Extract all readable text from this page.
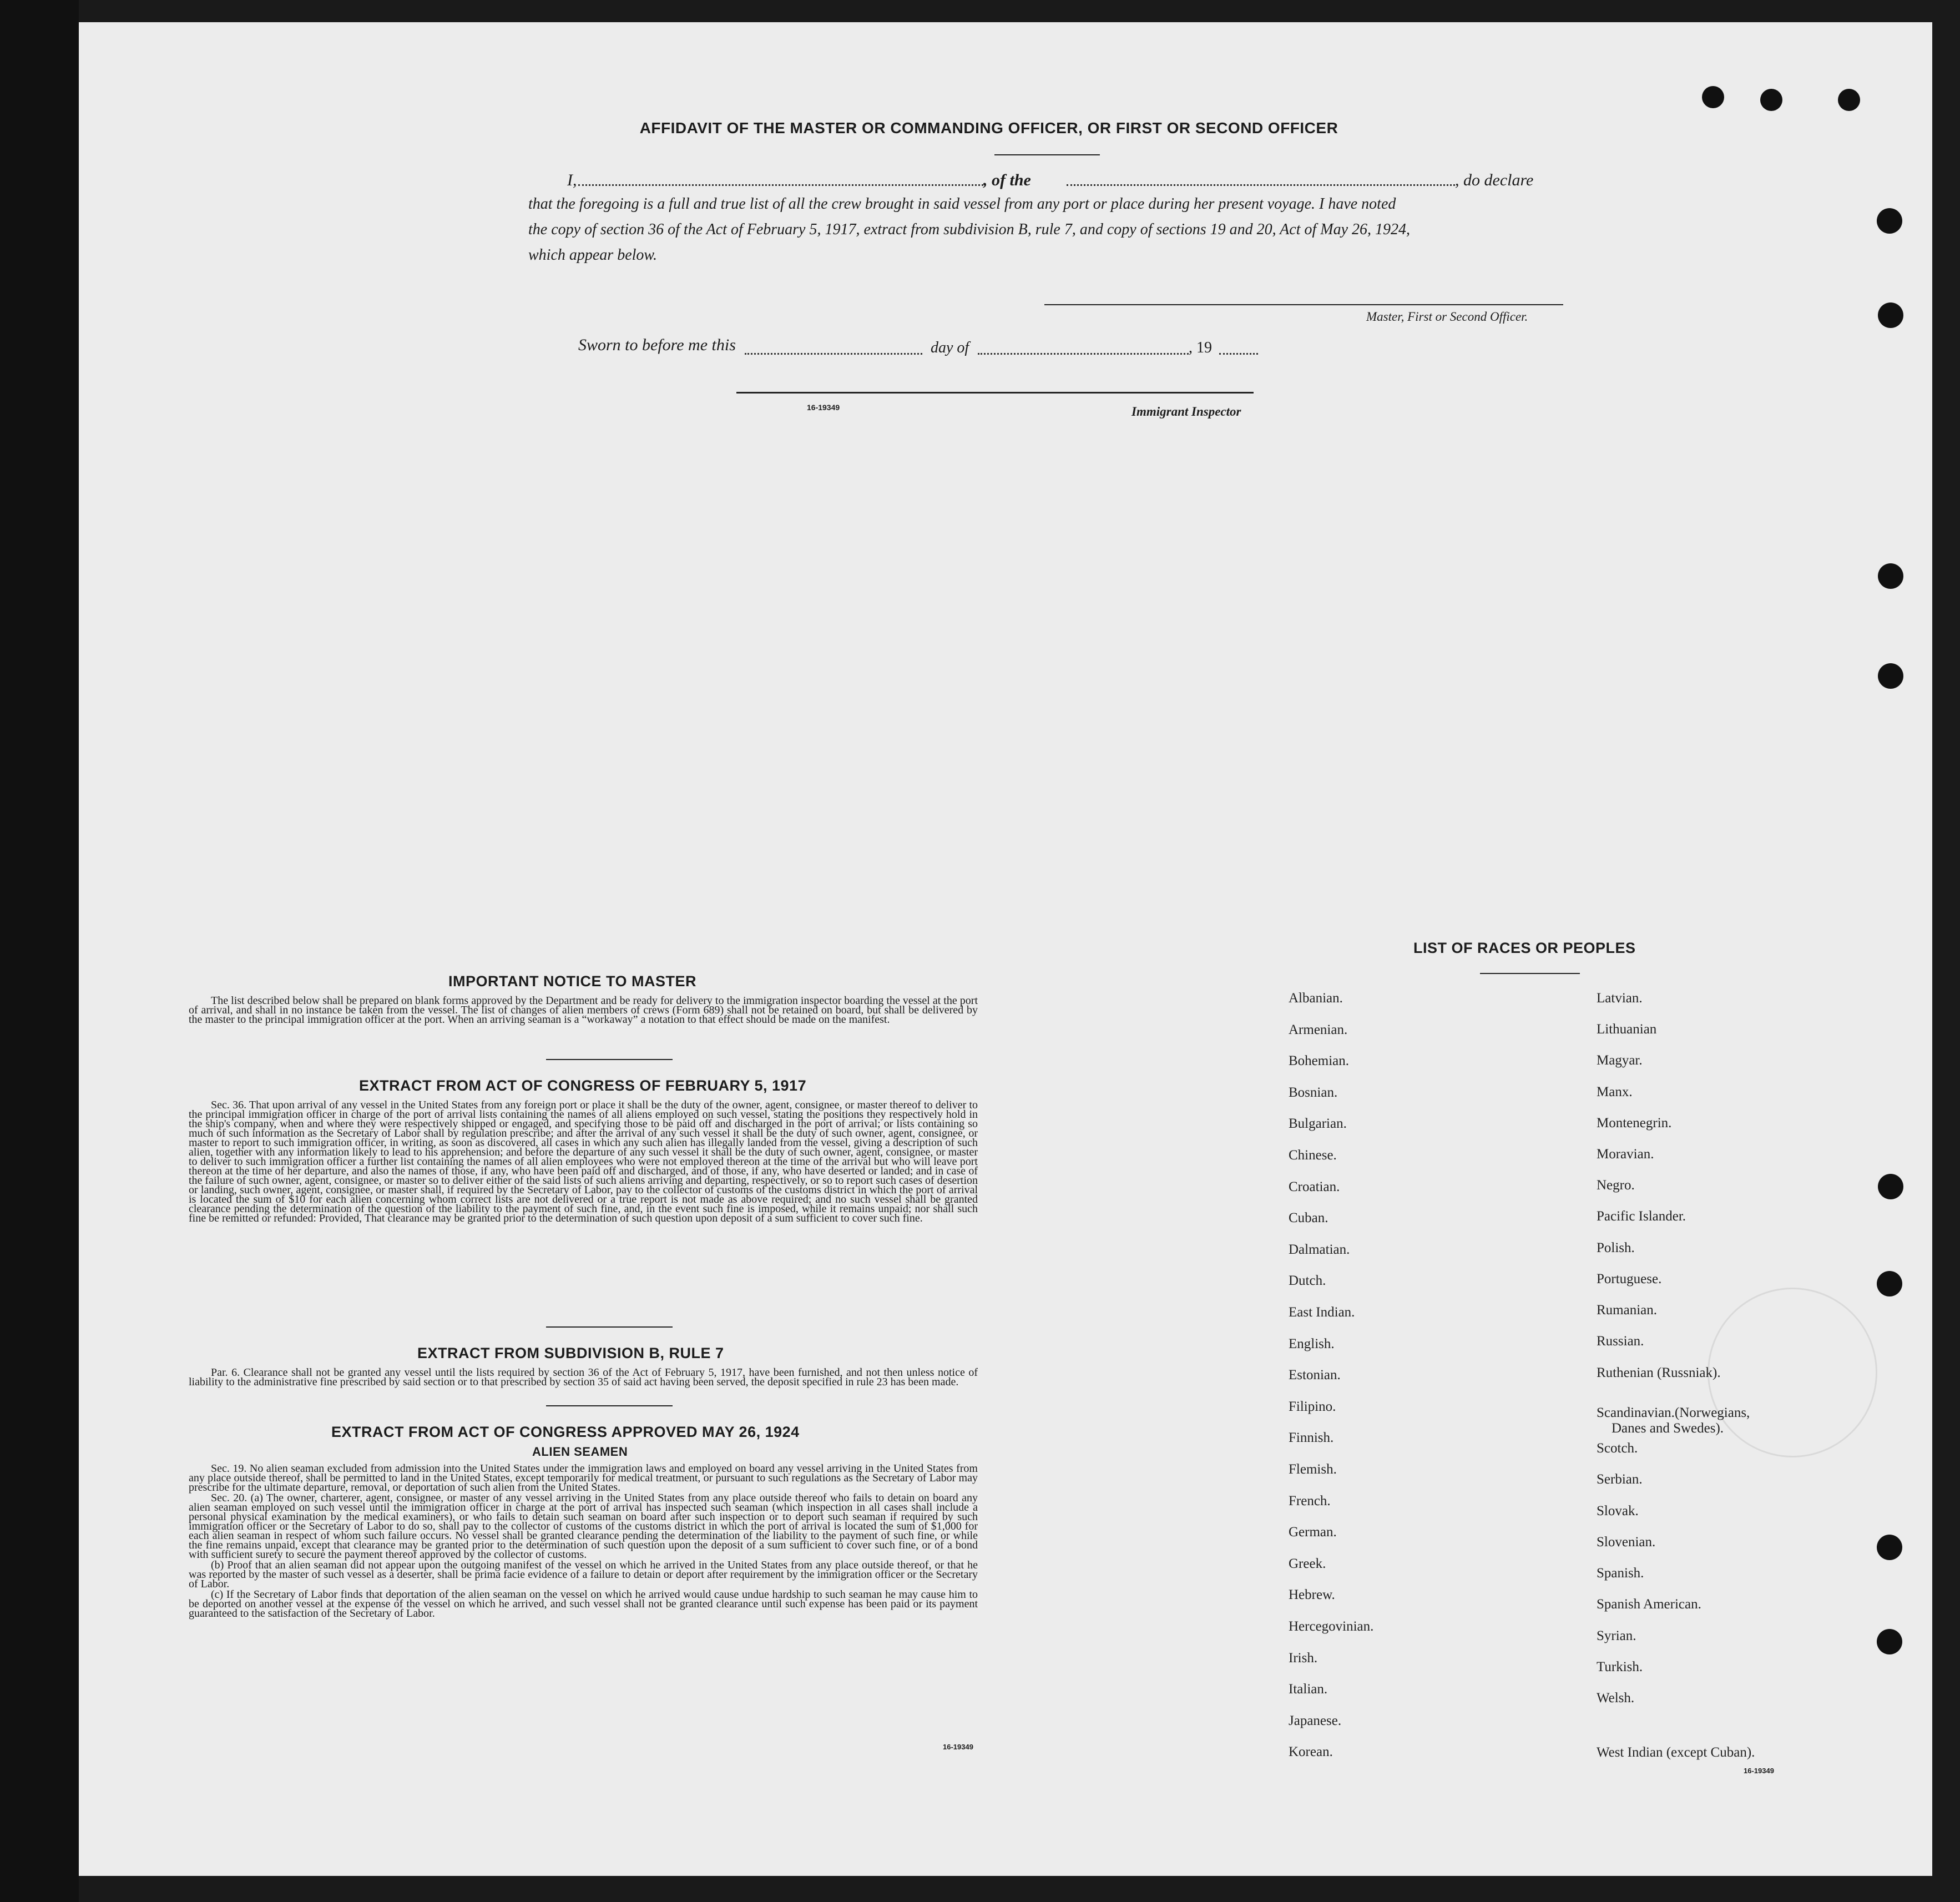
AFFIDAVIT OF THE MASTER OR COMMANDING OFFICER, OR FIRST OR SECOND OFFICER
I,	, of the	, do declare
that the foregoing is a full and true list of all the crew brought in said vessel from any port or place during her present voyage. I have noted
the copy of section 36 of the Act of February 5, 1917, extract from subdivision B, rule 7, and copy of sections 19 and 20, Act of May 26, 1924,
which appear below.
Master, First or Second Officer.
Sworn to before me this	day of	, 19
16-19349	Immigrant Inspector
IMPORTANT NOTICE TO MASTER

The list described below shall be prepared on blank forms approved by the Department and be ready for delivery to the immigration inspector boarding the vessel at the port of arrival, and shall in no instance be taken from the vessel. The list of changes of alien members of crews (Form 689) shall not be retained on board, but shall be delivered by the master to the principal immigration officer at the port. When an arriving seaman is a “workaway” a notation to that effect should be made on the manifest.

EXTRACT FROM ACT OF CONGRESS OF FEBRUARY 5, 1917

Sec. 36. That upon arrival of any vessel in the United States from any foreign port or place it shall be the duty of the owner, agent, consignee, or master thereof to deliver to the principal immigration officer in charge of the port of arrival lists containing the names of all aliens employed on such vessel, stating the positions they respectively hold in the ship's company, when and where they were respectively shipped or engaged, and specifying those to be paid off and discharged in the port of arrival; or lists containing so much of such information as the Secretary of Labor shall by regulation prescribe; and after the arrival of any such vessel it shall be the duty of such owner, agent, consignee, or master to report to such immigration officer, in writing, as soon as discovered, all cases in which any such alien has illegally landed from the vessel, giving a description of such alien, together with any information likely to lead to his apprehension; and before the departure of any such vessel it shall be the duty of such owner, agent, consignee, or master to deliver to such immigration officer a further list containing the names of all alien employees who were not employed thereon at the time of the arrival but who will leave port thereon at the time of her departure, and also the names of those, if any, who have been paid off and discharged, and of those, if any, who have deserted or landed; and in case of the failure of such owner, agent, consignee, or master so to deliver either of the said lists of such aliens arriving and departing, respectively, or so to report such cases of desertion or landing, such owner, agent, consignee, or master shall, if required by the Secretary of Labor, pay to the collector of customs of the customs district in which the port of arrival is located the sum of $10 for each alien concerning whom correct lists are not delivered or a true report is not made as above required; and no such vessel shall be granted clearance pending the determination of the question of the liability to the payment of such fine, and, in the event such fine is imposed, while it remains unpaid; nor shall such fine be remitted or refunded: Provided, That clearance may be granted prior to the determination of such question upon deposit of a sum sufficient to cover such fine.

EXTRACT FROM SUBDIVISION B, RULE 7

Par. 6. Clearance shall not be granted any vessel until the lists required by section 36 of the Act of February 5, 1917, have been furnished, and not then unless notice of liability to the administrative fine prescribed by said section or to that prescribed by section 35 of said act having been served, the deposit specified in rule 23 has been made.

EXTRACT FROM ACT OF CONGRESS APPROVED MAY 26, 1924
ALIEN SEAMEN

Sec. 19. No alien seaman excluded from admission into the United States under the immigration laws and employed on board any vessel arriving in the United States from any place outside thereof, shall be permitted to land in the United States, except temporarily for medical treatment, or pursuant to such regulations as the Secretary of Labor may prescribe for the ultimate departure, removal, or deportation of such alien from the United States.

Sec. 20. (a) The owner, charterer, agent, consignee, or master of any vessel arriving in the United States from any place outside thereof who fails to detain on board any alien seaman employed on such vessel until the immigration officer in charge at the port of arrival has inspected such seaman (which inspection in all cases shall include a personal physical examination by the medical examiners), or who fails to detain such seaman on board after such inspection or to deport such seaman if required by such immigration officer or the Secretary of Labor to do so, shall pay to the collector of customs of the customs district in which the port of arrival is located the sum of $1,000 for each alien seaman in respect of whom such failure occurs. No vessel shall be granted clearance pending the determination of the liability to the payment of such fine, or while the fine remains unpaid, except that clearance may be granted prior to the determination of such question upon the deposit of a sum sufficient to cover such fine, or of a bond with sufficient surety to secure the payment thereof approved by the collector of customs.

(b) Proof that an alien seaman did not appear upon the outgoing manifest of the vessel on which he arrived in the United States from any place outside thereof, or that he was reported by the master of such vessel as a deserter, shall be prima facie evidence of a failure to detain or deport after requirement by the immigration officer or the Secretary of Labor.

(c) If the Secretary of Labor finds that deportation of the alien seaman on the vessel on which he arrived would cause undue hardship to such seaman he may cause him to be deported on another vessel at the expense of the vessel on which he arrived, and such vessel shall not be granted clearance until such expense has been paid or its payment guaranteed to the satisfaction of the Secretary of Labor.

16-19349
LIST OF RACES OR PEOPLES
Danes and Swedes).
16-19349
Albanian.
Armenian.
Bohemian.
Bosnian.
Bulgarian.
Chinese.
Croatian.
Cuban.
Dalmatian.
Dutch.
East Indian.
English.
Estonian.
Filipino.
Finnish.
Flemish.
French.
German.
Greek.
Hebrew.
Hercegovinian.
Irish.
Italian.
Japanese.
Korean.
Latvian.
Lithuanian
Magyar.
Manx.
Montenegrin.
Moravian.
Negro.
Pacific Islander.
Polish.
Portuguese.
Rumanian.
Russian.
Ruthenian (Russniak).
Scandinavian.(Norwegians,
Scotch.
Serbian.
Slovak.
Slovenian.
Spanish.
Spanish American.
Syrian.
Turkish.
Welsh.
West Indian (except Cuban).
